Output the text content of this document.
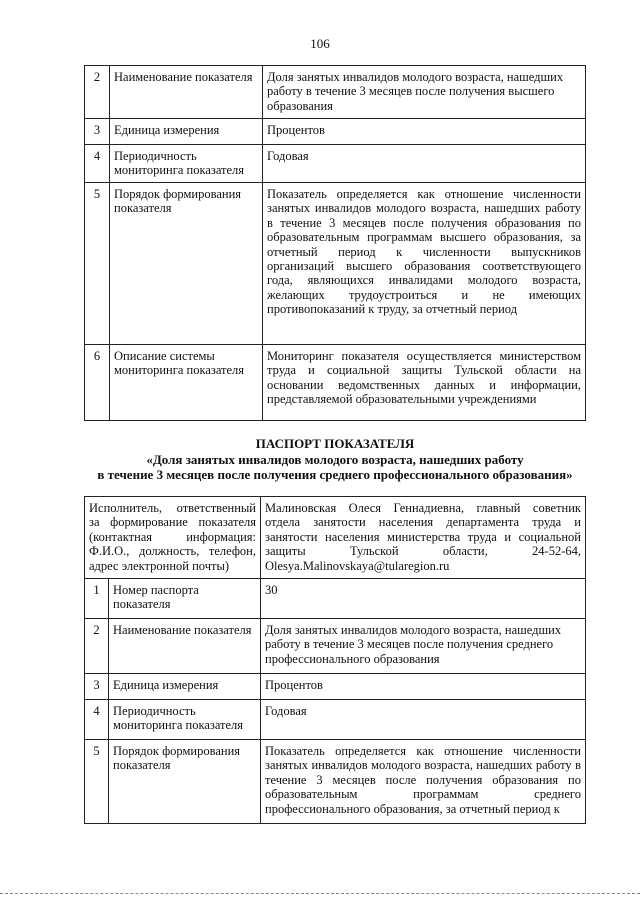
106
2	Наименование показателя	Доля занятых инвалидов молодого возраста, нашедших работу в течение 3 месяцев после получения высшего образования
3	Единица измерения	Процентов
4	Периодичность мониторинга показателя	Годовая
5	Порядок формирования показателя	Показатель определяется как отношение численности занятых инвалидов молодого возраста, нашедших работу в течение 3 месяцев после получения образования по образовательным программам высшего образования, за отчетный период к численности выпускников организаций высшего образования соответствующего года, являющихся инвалидами молодого возраста, желающих трудоустроиться и не имеющих противопоказаний к труду, за отчетный период
6	Описание системы мониторинга показателя	Мониторинг показателя осуществляется министерством труда и социальной защиты Тульской области на основании ведомственных данных и информации, представляемой образовательными учреждениями
ПАСПОРТ ПОКАЗАТЕЛЯ
«Доля занятых инвалидов молодого возраста, нашедших работу
в течение 3 месяцев после получения среднего профессионального образования»
Исполнитель, ответственный за формирование показателя (контактная информация: Ф.И.О., должность, телефон, адрес электронной почты)		Малиновская Олеся Геннадиевна, главный советник отдела занятости населения департамента труда и занятости населения министерства труда и социальной защиты Тульской области, 24-52-64, Olesya.Malinovskaya@tularegion.ru
1	Номер паспорта показателя	30
2	Наименование показателя	Доля занятых инвалидов молодого возраста, нашедших работу в течение 3 месяцев после получения среднего профессионального образования
3	Единица измерения	Процентов
4	Периодичность мониторинга показателя	Годовая
5	Порядок формирования показателя	Показатель определяется как отношение численности занятых инвалидов молодого возраста, нашедших работу в течение 3 месяцев после получения образования по образовательным программам среднего профессионального образования, за отчетный период к
